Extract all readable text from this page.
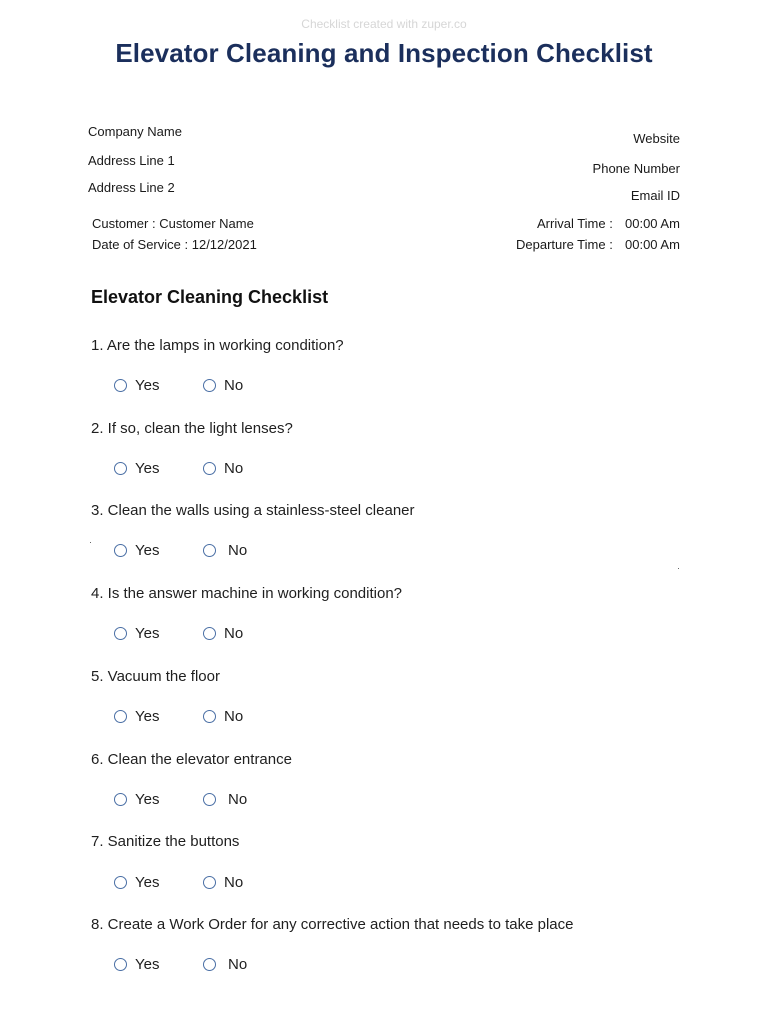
Checklist created with zuper.co
Elevator Cleaning and Inspection Checklist
Company Name
Address Line 1
Address Line 2
Website
Phone Number
Email ID
Customer : Customer Name
Date of Service : 12/12/2021
Arrival Time : 00:00 Am
Departure Time : 00:00 Am
Elevator Cleaning Checklist
1. Are the lamps in working condition?
Yes	No
2. If so, clean the light lenses?
Yes	No
3. Clean the walls using a stainless-steel cleaner
Yes	No
4. Is the answer machine in working condition?
Yes	No
5. Vacuum the floor
Yes	No
6. Clean the elevator entrance
Yes	No
7. Sanitize the buttons
Yes	No
8. Create a Work Order for any corrective action that needs to take place
Yes	No
